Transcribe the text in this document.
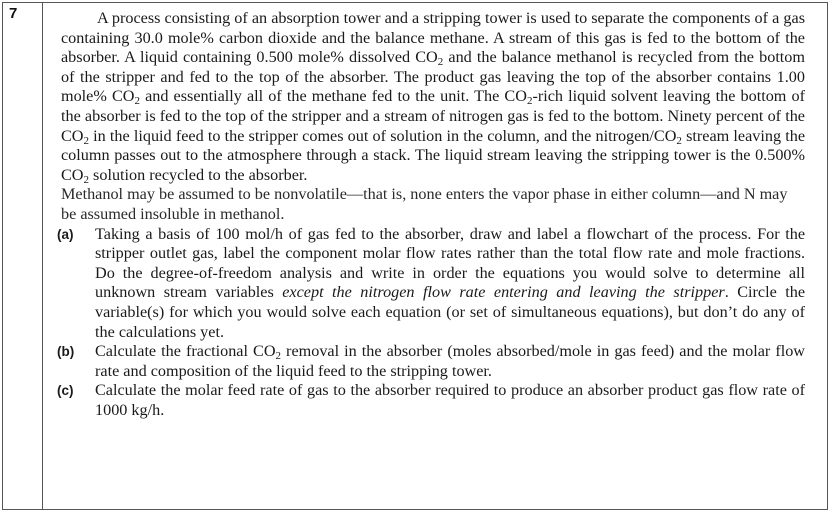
7	A process consisting of an absorption tower and a stripping tower is used to separate the components of a gas containing 30.0 mole% carbon dioxide and the balance methane. A stream of this gas is fed to the bottom of the absorber. A liquid containing 0.500 mole% dissolved $CO_2$ and the balance methanol is recycled from the bottom of the stripper and fed to the top of the absorber. The product gas leaving the top of the absorber contains 1.00 mole% $CO_2$ and essentially all of the methane fed to the unit. The $CO_2$-rich liquid solvent leaving the bottom of the absorber is fed to the top of the stripper and a stream of nitrogen gas is fed to the bottom. Ninety percent of the $CO_2$ in the liquid feed to the stripper comes out of solution in the column, and the nitrogen/$CO_2$ stream leaving the column passes out to the atmosphere through a stack. The liquid stream leaving the stripping tower is the 0.500% $CO_2$ solution recycled to the absorber.

Methanol may be assumed to be nonvolatile—that is, none enters the vapor phase in either column—and N may be assumed insoluble in methanol.

(a) Taking a basis of 100 mol/h of gas fed to the absorber, draw and label a flowchart of the process. For the stripper outlet gas, label the component molar flow rates rather than the total flow rate and mole fractions. Do the degree-of-freedom analysis and write in order the equations you would solve to determine all unknown stream variables except the nitrogen flow rate entering and leaving the stripper. Circle the variable(s) for which you would solve each equation (or set of simultaneous equations), but don’t do any of the calculations yet.

(b) Calculate the fractional $CO_2$ removal in the absorber (moles absorbed/mole in gas feed) and the molar flow rate and composition of the liquid feed to the stripping tower.

(c) Calculate the molar feed rate of gas to the absorber required to produce an absorber product gas flow rate of 1000 kg/h.
